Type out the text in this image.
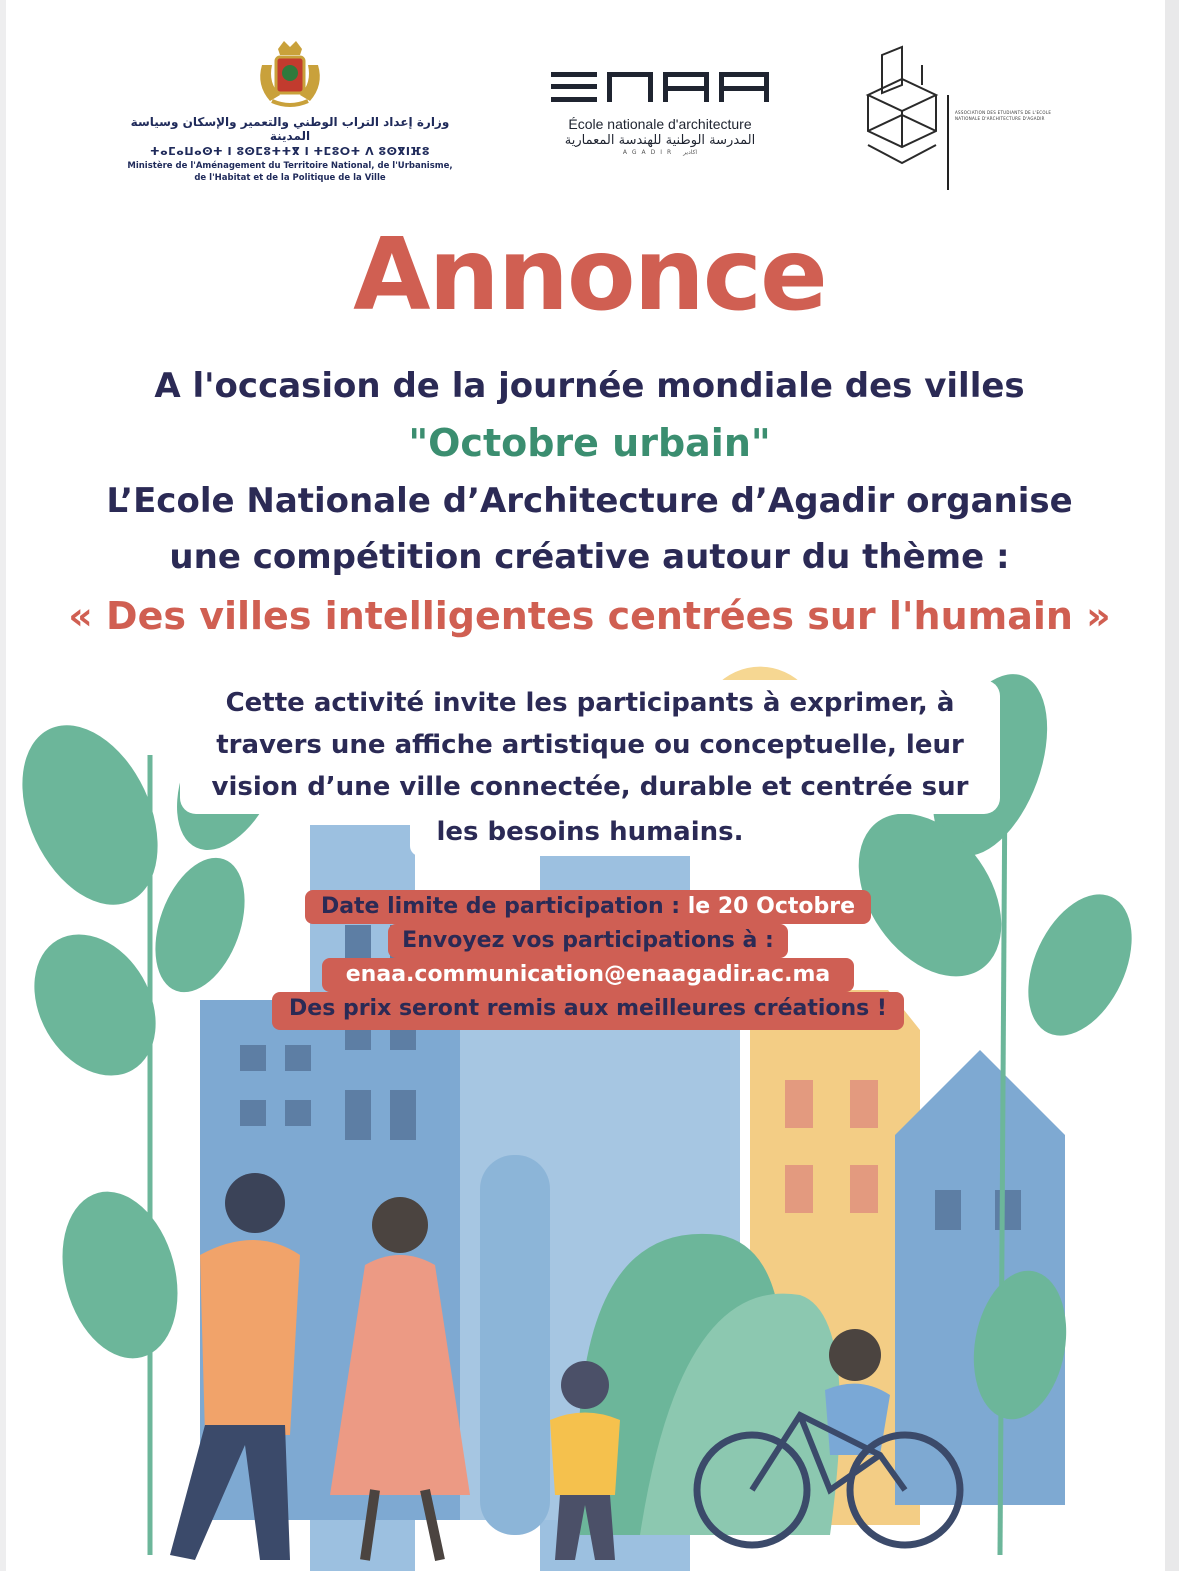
وزارة إعداد التراب الوطني والتعمير والإسكان وسياسة المدينة
ⵜⴰⵎⴰⵡⴰⵙⵜ ⵏ ⵓⵙⵎⵓⵜⵜⴳ ⵏ ⵜⵎⵓⵔⵜ ⴷ ⵓⵙⴳⵏⴼⵓ
Ministère de l'Aménagement du Territoire National, de l'Urbanisme,
de l'Habitat et de la Politique de la Ville
École nationale d'architecture
المدرسة الوطنية للهندسة المعمارية
AGADIR اكادير
ASSOCIATION DES ETUDIANTS DE L'ECOLE NATIONALE D'ARCHITECTURE D'AGADIR
Annonce
A l'occasion de la journée mondiale des villes
"Octobre urbain"
L’Ecole Nationale d’Architecture d’Agadir organise
une compétition créative autour du thème :
« Des villes intelligentes centrées sur l'humain »
Cette activité invite les participants à exprimer, à
travers une affiche artistique ou conceptuelle, leur
vision d’une ville connectée, durable et centrée sur
les besoins humains.
Date limite de participation : le 20 Octobre
Envoyez vos participations à :
enaa.communication@enaagadir.ac.ma
Des prix seront remis aux meilleures créations !
